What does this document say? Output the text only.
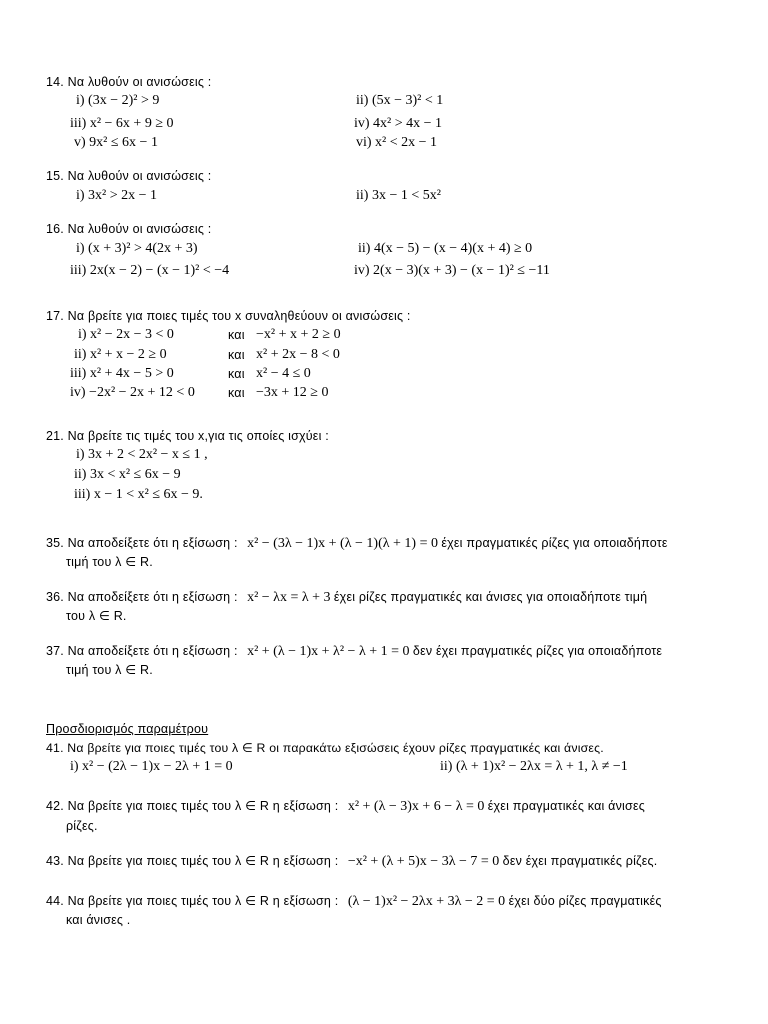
14. Να λυθούν οι ανισώσεις :
i) (3x − 2)² > 9	ii) (5x − 3)² < 1
iii) x² − 6x + 9 ≥ 0	iv) 4x² > 4x − 1
v) 9x² ≤ 6x − 1	vi) x² < 2x − 1
15. Να λυθούν οι ανισώσεις :
i) 3x² > 2x − 1	ii) 3x − 1 < 5x²
16. Να λυθούν οι ανισώσεις :
i) (x + 3)² > 4(2x + 3)	ii) 4(x − 5) − (x − 4)(x + 4) ≥ 0
iii) 2x(x − 2) − (x − 1)² < −4	iv) 2(x − 3)(x + 3) − (x − 1)² ≤ −11
17. Να βρείτε για ποιες τιμές του x συναληθεύουν οι ανισώσεις :
i) x² − 2x − 3 < 0	και −x² + x + 2 ≥ 0
ii) x² + x − 2 ≥ 0	και x² + 2x − 8 < 0
iii) x² + 4x − 5 > 0	και x² − 4 ≤ 0
iv) −2x² − 2x + 12 < 0	και −3x + 12 ≥ 0
21. Να βρείτε τις τιμές του x,για τις οποίες ισχύει :
i) 3x + 2 < 2x² − x ≤ 1 ,
ii) 3x < x² ≤ 6x − 9
iii) x − 1 < x² ≤ 6x − 9.
35. Να αποδείξετε ότι η εξίσωση : x² − (3λ − 1)x + (λ − 1)(λ + 1) = 0 έχει πραγματικές ρίζες για οποιαδήποτε
τιμή του λ ∈ R.
36. Να αποδείξετε ότι η εξίσωση : x² − λx = λ + 3 έχει ρίζες πραγματικές και άνισες για οποιαδήποτε τιμή
του λ ∈ R.
37. Να αποδείξετε ότι η εξίσωση : x² + (λ − 1)x + λ² − λ + 1 = 0 δεν έχει πραγματικές ρίζες για οποιαδήποτε
τιμή του λ ∈ R.
Προσδιορισμός παραμέτρου
41. Να βρείτε για ποιες τιμές του λ ∈ R οι παρακάτω εξισώσεις έχουν ρίζες πραγματικές και άνισες.
i) x² − (2λ − 1)x − 2λ + 1 = 0	ii) (λ + 1)x² − 2λx = λ + 1, λ ≠ −1
42. Να βρείτε για ποιες τιμές του λ ∈ R η εξίσωση : x² + (λ − 3)x + 6 − λ = 0 έχει πραγματικές και άνισες
ρίζες.
43. Να βρείτε για ποιες τιμές του λ ∈ R η εξίσωση : −x² + (λ + 5)x − 3λ − 7 = 0 δεν έχει πραγματικές ρίζες.
44. Να βρείτε για ποιες τιμές του λ ∈ R η εξίσωση : (λ − 1)x² − 2λx + 3λ − 2 = 0 έχει δύο ρίζες πραγματικές
και άνισες .
